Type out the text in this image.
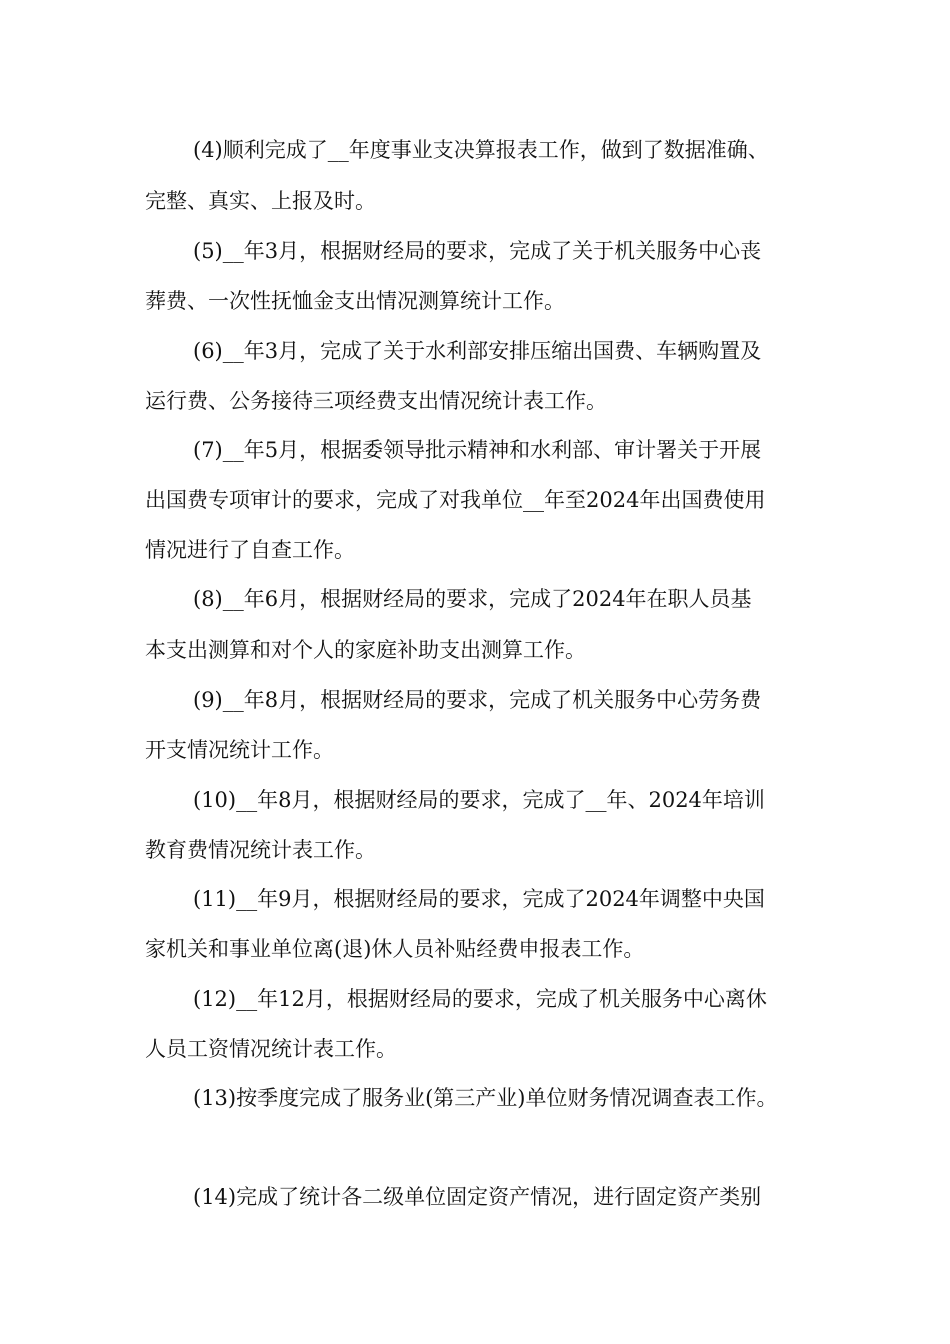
(4)顺利完成了__年度事业支决算报表工作，做到了数据准确、
完整、真实、上报及时。
(5)__年3月，根据财经局的要求，完成了关于机关服务中心丧
葬费、一次性抚恤金支出情况测算统计工作。
(6)__年3月，完成了关于水利部安排压缩出国费、车辆购置及
运行费、公务接待三项经费支出情况统计表工作。
(7)__年5月，根据委领导批示精神和水利部、审计署关于开展
出国费专项审计的要求，完成了对我单位__年至2024年出国费使用
情况进行了自查工作。
(8)__年6月，根据财经局的要求，完成了2024年在职人员基
本支出测算和对个人的家庭补助支出测算工作。
(9)__年8月，根据财经局的要求，完成了机关服务中心劳务费
开支情况统计工作。
(10)__年8月，根据财经局的要求，完成了__年、2024年培训
教育费情况统计表工作。
(11)__年9月，根据财经局的要求，完成了2024年调整中央国
家机关和事业单位离(退)休人员补贴经费申报表工作。
(12)__年12月，根据财经局的要求，完成了机关服务中心离休
人员工资情况统计表工作。
(13)按季度完成了服务业(第三产业)单位财务情况调查表工作。
(14)完成了统计各二级单位固定资产情况，进行固定资产类别
